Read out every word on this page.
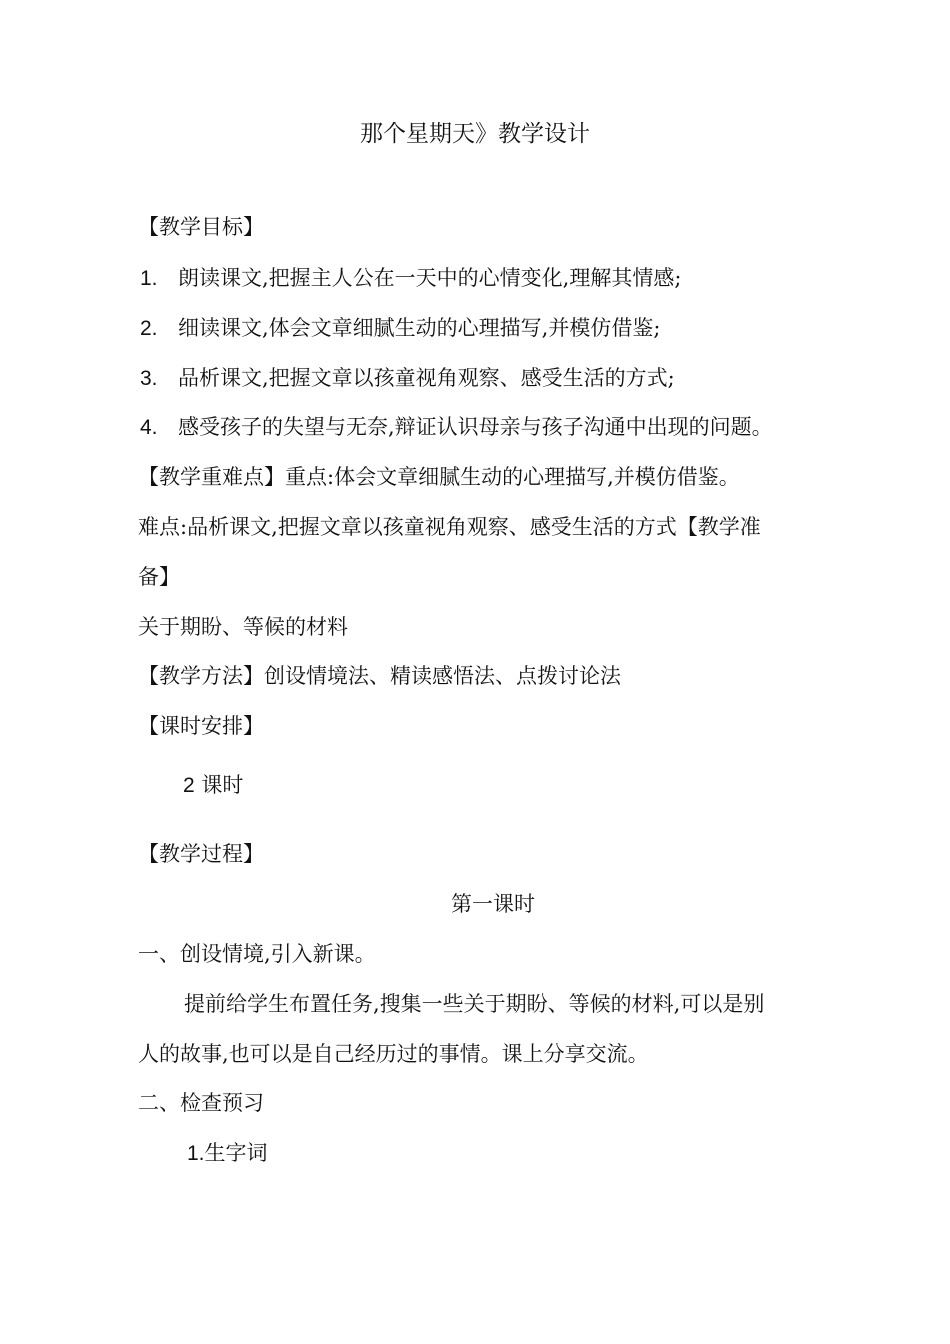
那个星期天》教学设计
【教学目标】
1. 朗读课文,把握主人公在一天中的心情变化,理解其情感;
2. 细读课文,体会文章细腻生动的心理描写,并模仿借鉴;
3. 品析课文,把握文章以孩童视角观察、感受生活的方式;
4. 感受孩子的失望与无奈,辩证认识母亲与孩子沟通中出现的问题。
【教学重难点】重点:体会文章细腻生动的心理描写,并模仿借鉴。
难点:品析课文,把握文章以孩童视角观察、感受生活的方式【教学准
备】
关于期盼、等候的材料
【教学方法】创设情境法、精读感悟法、点拨讨论法
【课时安排】
2 课时
【教学过程】
第一课时
一、创设情境,引入新课。
提前给学生布置任务,搜集一些关于期盼、等候的材料,可以是别
人的故事,也可以是自己经历过的事情。课上分享交流。
二、检查预习
1.生字词
